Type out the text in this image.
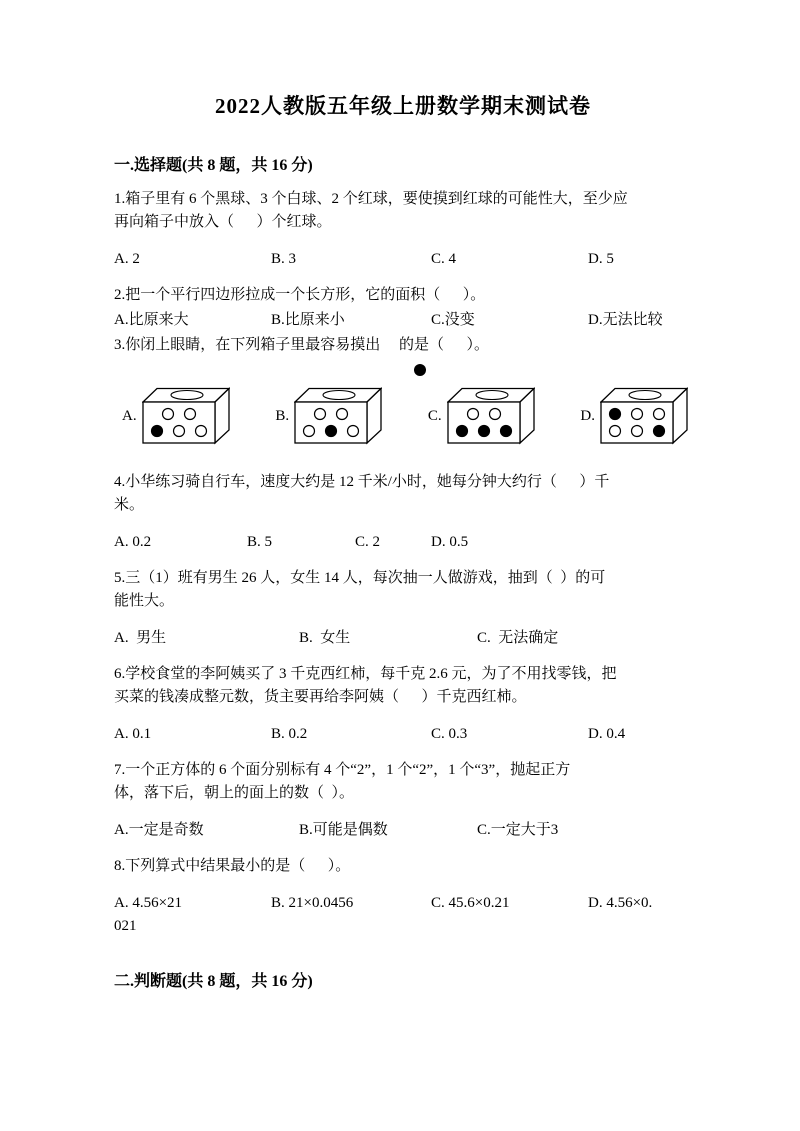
2022人教版五年级上册数学期末测试卷
一.选择题(共 8 题，共 16 分)

1.箱子里有 6 个黑球、3 个白球、2 个红球，要使摸到红球的可能性大，至少应

再向箱子中放入（      ）个红球。

A. 2	B. 3	C. 4	D. 5

2.把一个平行四边形拉成一个长方形，它的面积（      ）。

A.比原来大	B.比原来小	C.没变	D.无法比较

3.你闭上眼睛，在下列箱子里最容易摸出     的是（      ）。

A.	B.	C.	D.

4.小华练习骑自行车，速度大约是 12 千米/小时，她每分钟大约行（      ）千

米。

A. 0.2	B. 5	C. 2	D. 0.5

5.三（1）班有男生 26 人，女生 14 人，每次抽一人做游戏，抽到（  ）的可

能性大。

A.  男生	B.  女生	C.  无法确定

6.学校食堂的李阿姨买了 3 千克西红柿，每千克 2.6 元，为了不用找零钱，把

买菜的钱凑成整元数，货主要再给李阿姨（      ）千克西红柿。

A. 0.1	B. 0.2	C. 0.3	D. 0.4

7.一个正方体的 6 个面分别标有 4 个“2”，1 个“2”，1 个“3”，抛起正方

体，落下后，朝上的面上的数（  ）。

A.一定是奇数	B.可能是偶数	C.一定大于3

8.下列算式中结果最小的是（      ）。

A. 4.56×21	B. 21×0.0456	C. 45.6×0.21	D. 4.56×0.

021

二.判断题(共 8 题，共 16 分)
